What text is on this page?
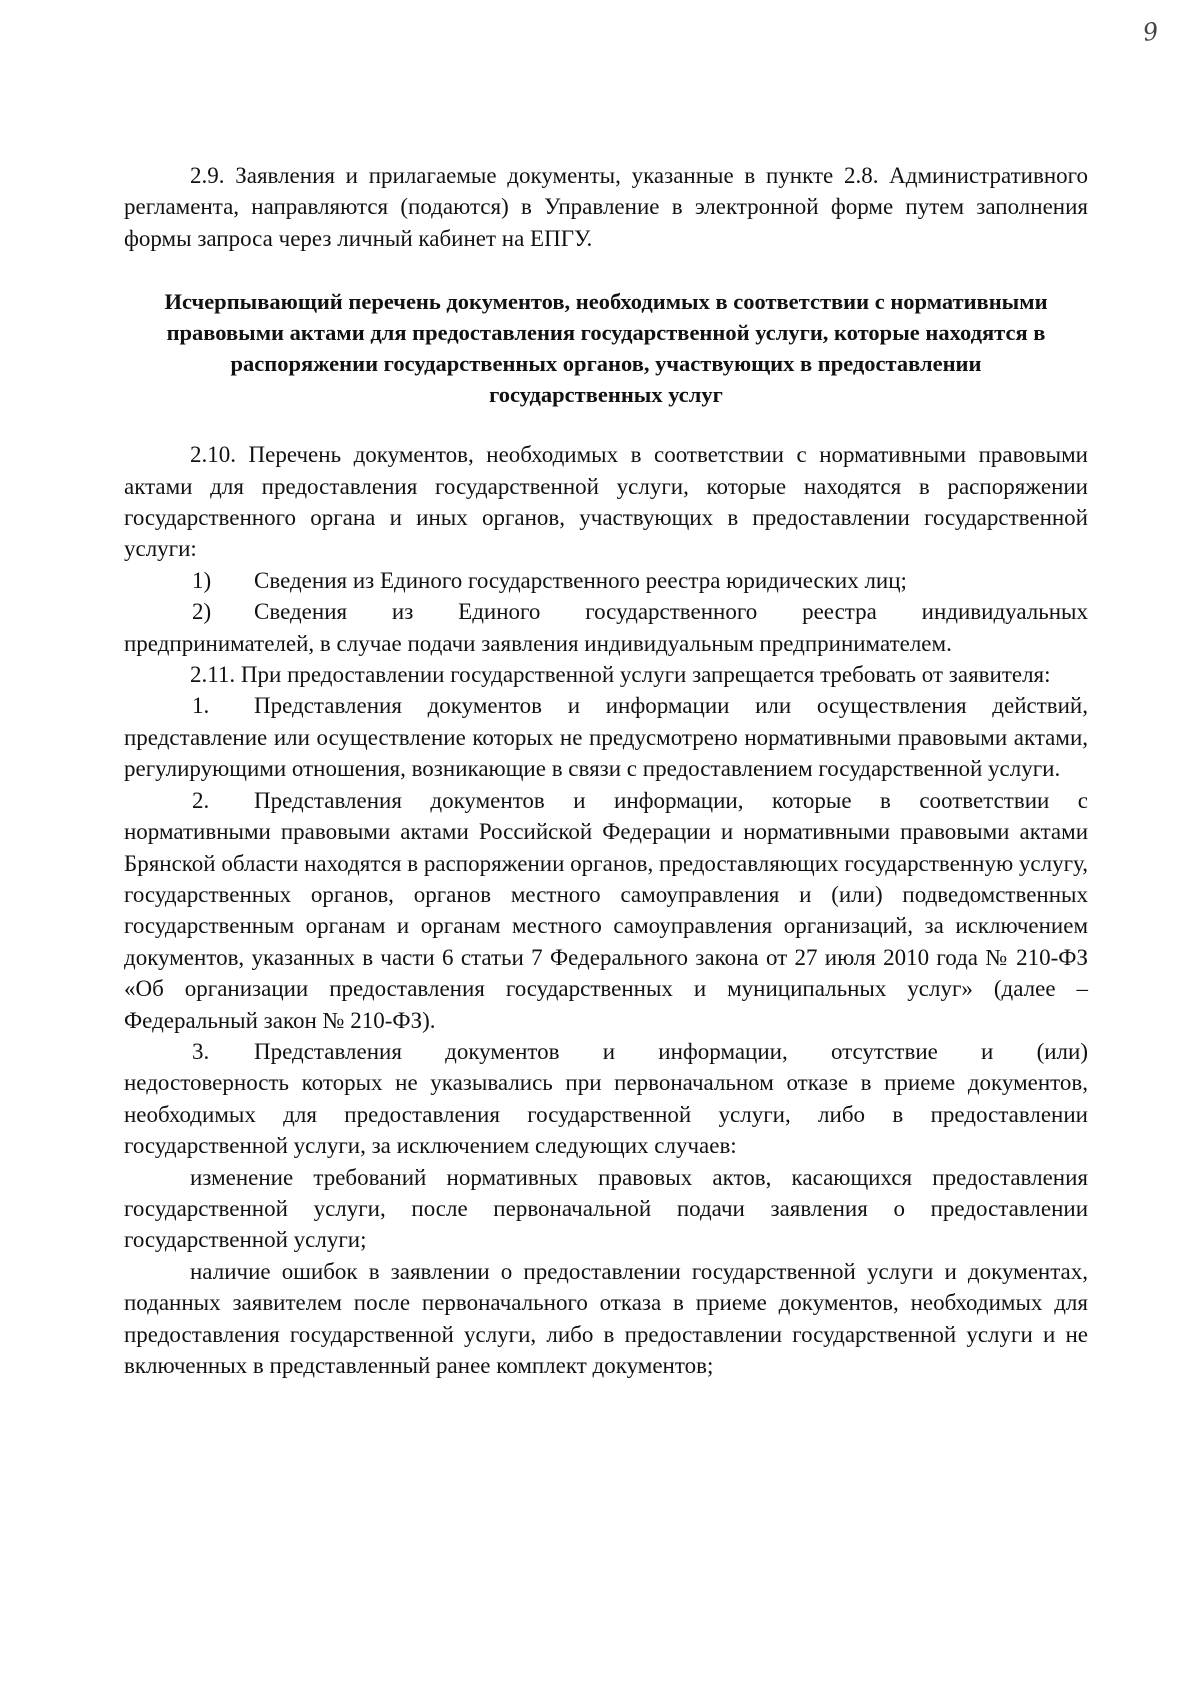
9

2.9. Заявления и прилагаемые документы, указанные в пункте 2.8. Административного регламента, направляются (подаются) в Управление в электронной форме путем заполнения формы запроса через личный кабинет на ЕПГУ.

Исчерпывающий перечень документов, необходимых в соответствии с нормативными правовыми актами для предоставления государственной услуги, которые находятся в распоряжении государственных органов, участвующих в предоставлении государственных услуг

2.10. Перечень документов, необходимых в соответствии с нормативными правовыми актами для предоставления государственной услуги, которые находятся в распоряжении государственного органа и иных органов, участвующих в предоставлении государственной услуги:

1)	Сведения из Единого государственного реестра юридических лиц;
2)	Сведения из Единого государственного реестра индивидуальных
предпринимателей, в случае подачи заявления индивидуальным предпринимателем.

2.11. При предоставлении государственной услуги запрещается требовать от заявителя:

1.	Представления документов и информации или осуществления действий,
представление или осуществление которых не предусмотрено нормативными правовыми актами, регулирующими отношения, возникающие в связи с предоставлением государственной услуги.
2.	Представления документов и информации, которые в соответствии с
нормативными правовыми актами Российской Федерации и нормативными правовыми актами Брянской области находятся в распоряжении органов, предоставляющих государственную услугу, государственных органов, органов местного самоуправления и (или) подведомственных государственным органам и органам местного самоуправления организаций, за исключением документов, указанных в части 6 статьи 7 Федерального закона от 27 июля 2010 года № 210-ФЗ «Об организации предоставления государственных и муниципальных услуг» (далее – Федеральный закон № 210-ФЗ).
3.	Представления документов и информации, отсутствие и (или)
недостоверность которых не указывались при первоначальном отказе в приеме документов, необходимых для предоставления государственной услуги, либо в предоставлении государственной услуги, за исключением следующих случаев:

изменение требований нормативных правовых актов, касающихся предоставления государственной услуги, после первоначальной подачи заявления о предоставлении государственной услуги;

наличие ошибок в заявлении о предоставлении государственной услуги и документах, поданных заявителем после первоначального отказа в приеме документов, необходимых для предоставления государственной услуги, либо в предоставлении государственной услуги и не включенных в представленный ранее комплект документов;
